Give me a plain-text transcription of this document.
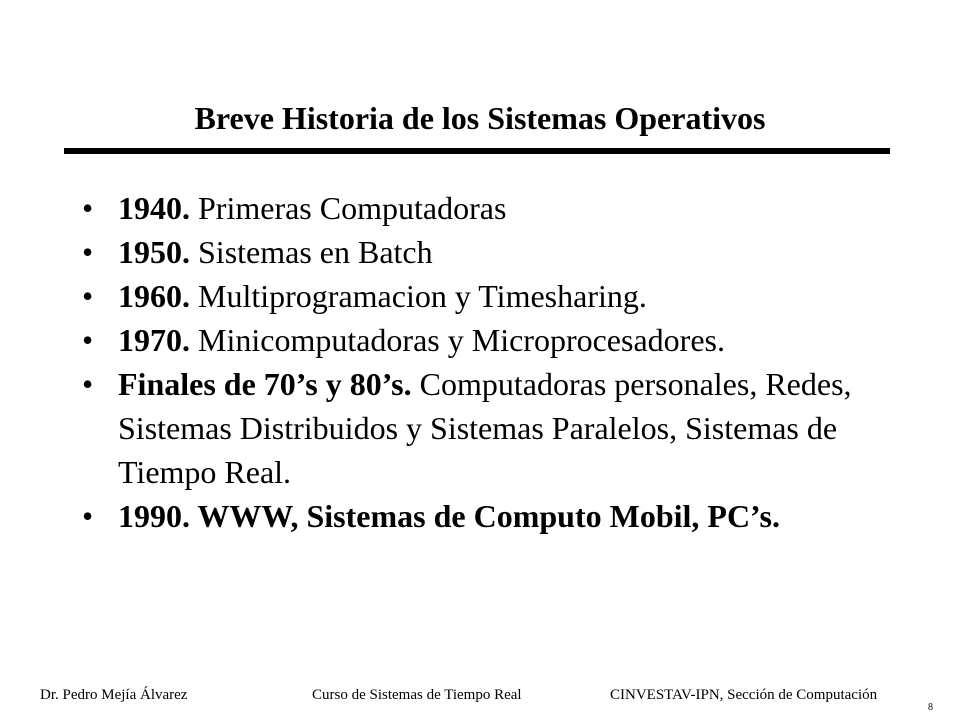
Breve Historia de los Sistemas Operativos
• 1940. Primeras Computadoras
• 1950. Sistemas en Batch
• 1960. Multiprogramacion y Timesharing.
• 1970. Minicomputadoras y Microprocesadores.
• Finales de 70’s y 80’s. Computadoras personales, Redes, Sistemas Distribuidos y Sistemas Paralelos, Sistemas de Tiempo Real.
• 1990. WWW, Sistemas de Computo Mobil, PC’s.
Dr. Pedro Mejía Álvarez	Curso de Sistemas de Tiempo Real	CINVESTAV-IPN, Sección de Computación
8
